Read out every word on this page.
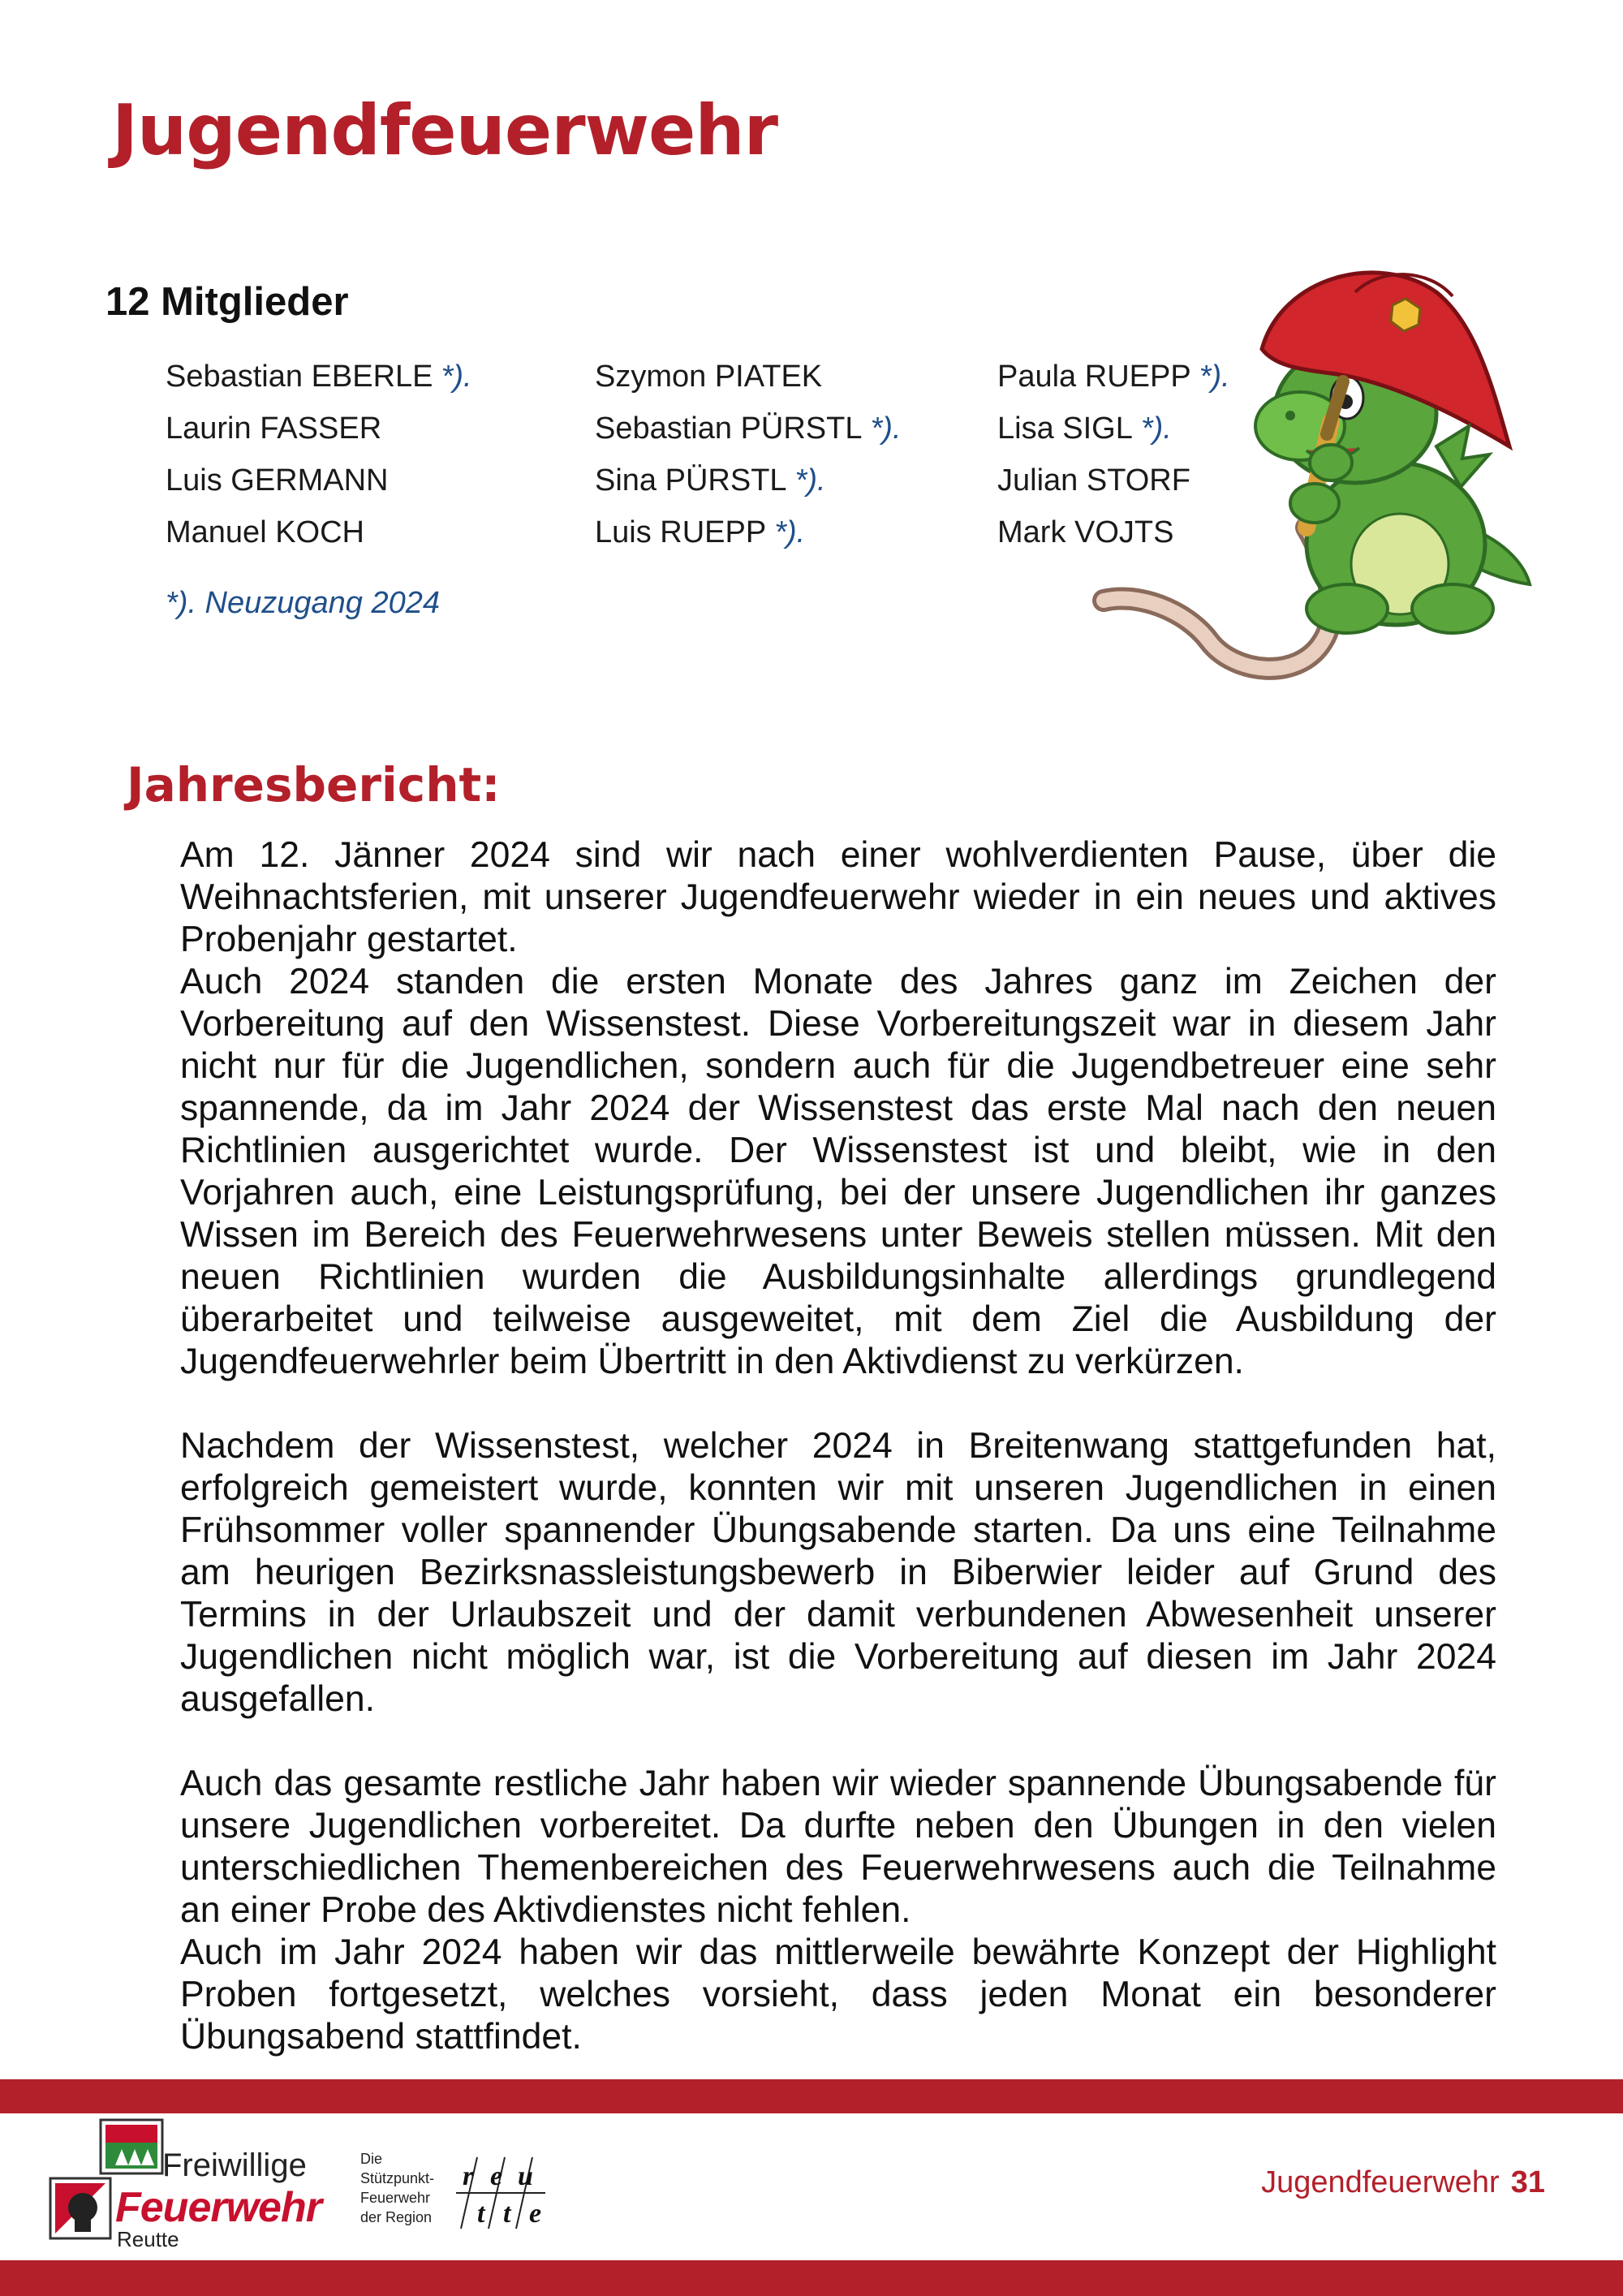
Jugendfeuerwehr
12 Mitglieder
Sebastian EBERLE *).
Laurin FASSER
Luis GERMANN
Manuel KOCH
Szymon PIATEK
Sebastian PÜRSTL *).
Sina PÜRSTL *).
Luis RUEPP *).
Paula RUEPP *).
Lisa SIGL *).
Julian STORF
Mark VOJTS
*). Neuzugang 2024
Jahresbericht:

Am 12. Jänner 2024 sind wir nach einer wohlverdienten Pause, über die Weihnachtsferien, mit unserer Jugendfeuerwehr wieder in ein neues und aktives Probenjahr gestartet.

Auch 2024 standen die ersten Monate des Jahres ganz im Zeichen der Vorbereitung auf den Wissenstest. Diese Vorbereitungszeit war in diesem Jahr nicht nur für die Jugendlichen, sondern auch für die Jugendbetreuer eine sehr spannende, da im Jahr 2024 der Wissenstest das erste Mal nach den neuen Richtlinien ausgerichtet wurde. Der Wissenstest ist und bleibt, wie in den Vorjahren auch, eine Leistungsprüfung, bei der unsere Jugendlichen ihr ganzes Wissen im Bereich des Feuerwehrwesens unter Beweis stellen müssen. Mit den neuen Richtlinien wurden die Ausbildungsinhalte allerdings grundlegend überarbeitet und teilweise ausgeweitet, mit dem Ziel die Ausbildung der Jugendfeuerwehrler beim Übertritt in den Aktivdienst zu verkürzen.

Nachdem der Wissenstest, welcher 2024 in Breitenwang stattgefunden hat, erfolgreich gemeistert wurde, konnten wir mit unseren Jugendlichen in einen Frühsommer voller spannender Übungsabende starten. Da uns eine Teilnahme am heurigen Bezirksnassleistungsbewerb in Biberwier leider auf Grund des Termins in der Urlaubszeit und der damit verbundenen Abwesenheit unserer Jugendlichen nicht möglich war, ist die Vorbereitung auf diesen im Jahr 2024 ausgefallen.

Auch das gesamte restliche Jahr haben wir wieder spannende Übungsabende für unsere Jugendlichen vorbereitet. Da durfte neben den Übungen in den vielen unterschiedlichen Themenbereichen des Feuerwehrwesens auch die Teilnahme an einer Probe des Aktivdienstes nicht fehlen.

Auch im Jahr 2024 haben wir das mittlerweile bewährte Konzept der Highlight Proben fortgesetzt, welches vorsieht, dass jeden Monat ein besonderer Übungsabend stattfindet.

Freiwillige
Feuerwehr
Reutte
Die
Stützpunkt-
Feuerwehr
der Region
r e u
t t e
Jugendfeuerwehr 31
